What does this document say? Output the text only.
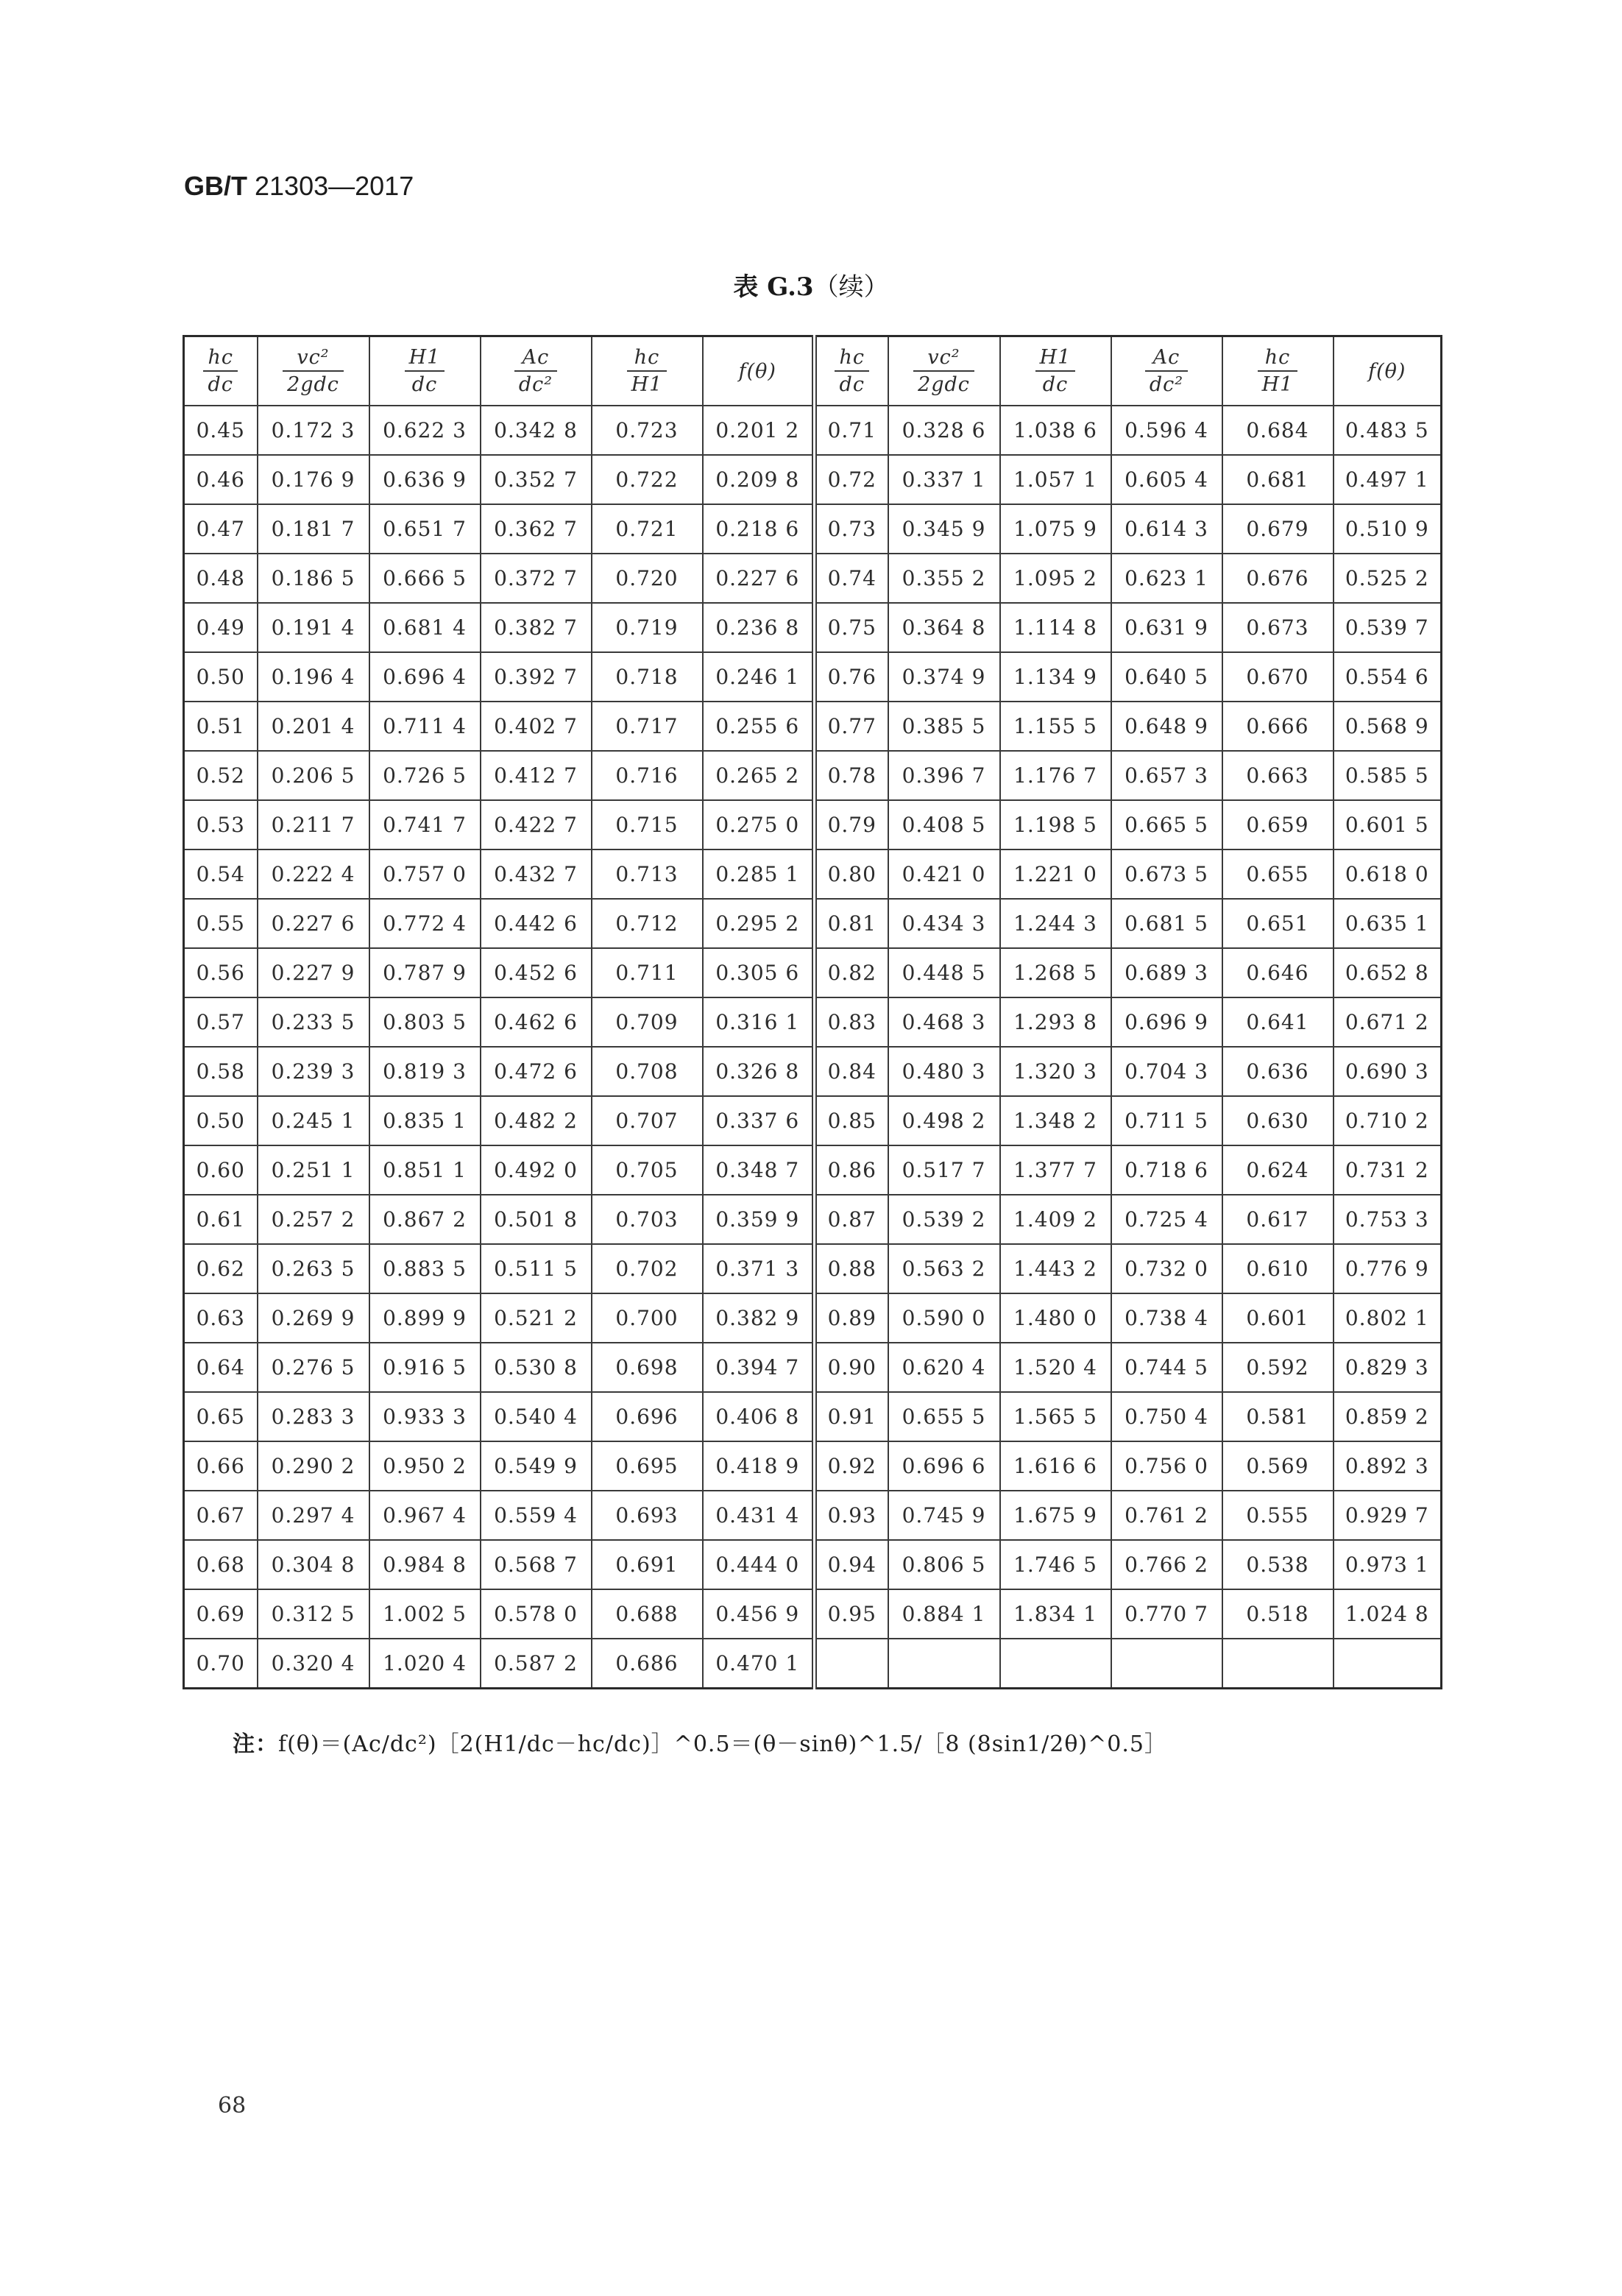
GB/T 21303—2017
表 G.3（续）
$\frac{hc}{dc}$	$\frac{\text{vc²}}{\text{2gdc}}$	$\frac{H1}{dc}$	$\frac{Ac}{\text{dc²}}$	$\frac{hc}{H1}$	f(θ)	$\frac{hc}{dc}$	$\frac{\text{vc²}}{\text{2gdc}}$	$\frac{H1}{dc}$	$\frac{Ac}{\text{dc²}}$	$\frac{hc}{H1}$	f(θ)
0.45	0.172 3	0.622 3	0.342 8	0.723	0.201 2	0.71	0.328 6	1.038 6	0.596 4	0.684	0.483 5
0.46	0.176 9	0.636 9	0.352 7	0.722	0.209 8	0.72	0.337 1	1.057 1	0.605 4	0.681	0.497 1
0.47	0.181 7	0.651 7	0.362 7	0.721	0.218 6	0.73	0.345 9	1.075 9	0.614 3	0.679	0.510 9
0.48	0.186 5	0.666 5	0.372 7	0.720	0.227 6	0.74	0.355 2	1.095 2	0.623 1	0.676	0.525 2
0.49	0.191 4	0.681 4	0.382 7	0.719	0.236 8	0.75	0.364 8	1.114 8	0.631 9	0.673	0.539 7
0.50	0.196 4	0.696 4	0.392 7	0.718	0.246 1	0.76	0.374 9	1.134 9	0.640 5	0.670	0.554 6
0.51	0.201 4	0.711 4	0.402 7	0.717	0.255 6	0.77	0.385 5	1.155 5	0.648 9	0.666	0.568 9
0.52	0.206 5	0.726 5	0.412 7	0.716	0.265 2	0.78	0.396 7	1.176 7	0.657 3	0.663	0.585 5
0.53	0.211 7	0.741 7	0.422 7	0.715	0.275 0	0.79	0.408 5	1.198 5	0.665 5	0.659	0.601 5
0.54	0.222 4	0.757 0	0.432 7	0.713	0.285 1	0.80	0.421 0	1.221 0	0.673 5	0.655	0.618 0
0.55	0.227 6	0.772 4	0.442 6	0.712	0.295 2	0.81	0.434 3	1.244 3	0.681 5	0.651	0.635 1
0.56	0.227 9	0.787 9	0.452 6	0.711	0.305 6	0.82	0.448 5	1.268 5	0.689 3	0.646	0.652 8
0.57	0.233 5	0.803 5	0.462 6	0.709	0.316 1	0.83	0.468 3	1.293 8	0.696 9	0.641	0.671 2
0.58	0.239 3	0.819 3	0.472 6	0.708	0.326 8	0.84	0.480 3	1.320 3	0.704 3	0.636	0.690 3
0.50	0.245 1	0.835 1	0.482 2	0.707	0.337 6	0.85	0.498 2	1.348 2	0.711 5	0.630	0.710 2
0.60	0.251 1	0.851 1	0.492 0	0.705	0.348 7	0.86	0.517 7	1.377 7	0.718 6	0.624	0.731 2
0.61	0.257 2	0.867 2	0.501 8	0.703	0.359 9	0.87	0.539 2	1.409 2	0.725 4	0.617	0.753 3
0.62	0.263 5	0.883 5	0.511 5	0.702	0.371 3	0.88	0.563 2	1.443 2	0.732 0	0.610	0.776 9
0.63	0.269 9	0.899 9	0.521 2	0.700	0.382 9	0.89	0.590 0	1.480 0	0.738 4	0.601	0.802 1
0.64	0.276 5	0.916 5	0.530 8	0.698	0.394 7	0.90	0.620 4	1.520 4	0.744 5	0.592	0.829 3
0.65	0.283 3	0.933 3	0.540 4	0.696	0.406 8	0.91	0.655 5	1.565 5	0.750 4	0.581	0.859 2
0.66	0.290 2	0.950 2	0.549 9	0.695	0.418 9	0.92	0.696 6	1.616 6	0.756 0	0.569	0.892 3
0.67	0.297 4	0.967 4	0.559 4	0.693	0.431 4	0.93	0.745 9	1.675 9	0.761 2	0.555	0.929 7
0.68	0.304 8	0.984 8	0.568 7	0.691	0.444 0	0.94	0.806 5	1.746 5	0.766 2	0.538	0.973 1
0.69	0.312 5	1.002 5	0.578 0	0.688	0.456 9	0.95	0.884 1	1.834 1	0.770 7	0.518	1.024 8
0.70	0.320 4	1.020 4	0.587 2	0.686	0.470 1						
注：f(θ)＝(Ac/dc²)［2(H1/dc－hc/dc)］^0.5＝(θ－sinθ)^1.5/［8 (8sin1/2θ)^0.5］
68
